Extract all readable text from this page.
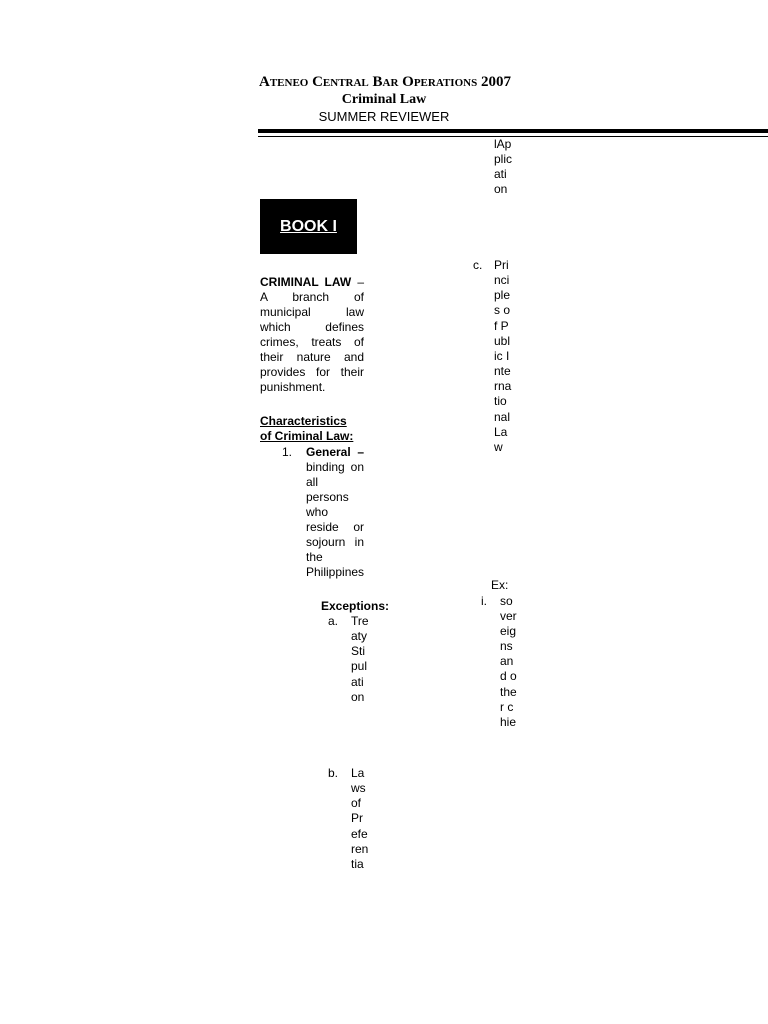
Ateneo Central Bar Operations 2007
Criminal Law
SUMMER REVIEWER
BOOK I
CRIMINAL LAW – A branch of municipal law which defines crimes, treats of their nature and provides for their punishment.
Characteristics
of Criminal Law:
1. General – binding on all persons who reside or sojourn in the Philippines
Exceptions:
a. Treaty Stipulation
b. Laws of Preferentia
lApplication
c. Principles of Public International Law
Ex:
i. sovereigns and other chie
